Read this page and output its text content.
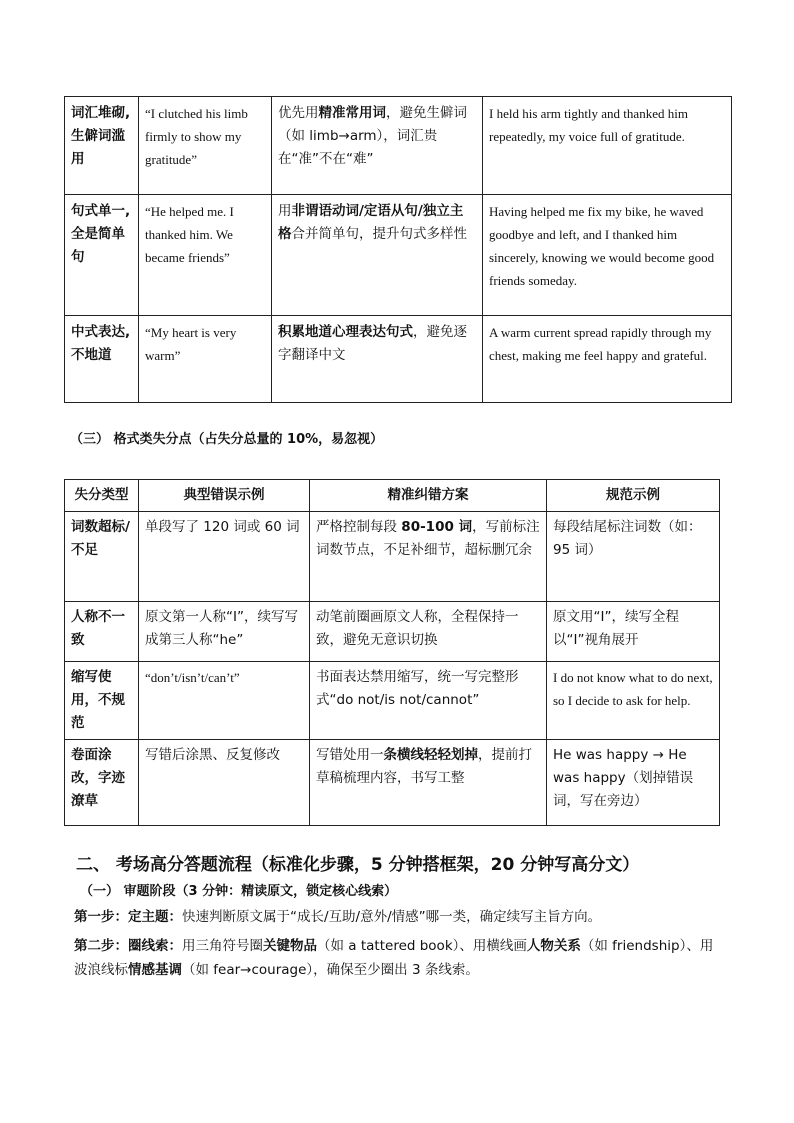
词汇堆砌,生僻词滥用	“I clutched his limb firmly to show my gratitude”	优先用精准常用词，避免生僻词（如 limb→arm），词汇贵在“准”不在“难”	I held his arm tightly and thanked him repeatedly, my voice full of gratitude.
句式单一,全是简单句	“He helped me. I thanked him. We became friends”	用非谓语动词/定语从句/独立主格合并简单句，提升句式多样性	Having helped me fix my bike, he waved goodbye and left, and I thanked him sincerely, knowing we would become good friends someday.
中式表达,不地道	“My heart is very warm”	积累地道心理表达句式，避免逐字翻译中文	A warm current spread rapidly through my chest, making me feel happy and grateful.
（三） 格式类失分点（占失分总量的 10%，易忽视）
失分类型	典型错误示例	精准纠错方案	规范示例
词数超标/不足	单段写了 120 词或 60 词	严格控制每段 80-100 词，写前标注词数节点，不足补细节，超标删冗余	每段结尾标注词数（如：95 词）
人称不一致	原文第一人称“I”，续写写成第三人称“he”	动笔前圈画原文人称，全程保持一致，避免无意识切换	原文用“I”，续写全程以“I”视角展开
缩写使用，不规范	“don’t/isn’t/can’t”	书面表达禁用缩写，统一写完整形式“do not/is not/cannot”	I do not know what to do next, so I decide to ask for help.
卷面涂改，字迹潦草	写错后涂黑、反复修改	写错处用一条横线轻轻划掉，提前打草稿梳理内容，书写工整	He was happy → He was happy（划掉错误词，写在旁边）
二、 考场高分答题流程（标准化步骤，5 分钟搭框架，20 分钟写高分文）
（一） 审题阶段（3 分钟：精读原文，锁定核心线索）
第一步：定主题：快速判断原文属于“成长/互助/意外/情感”哪一类，确定续写主旨方向。
第二步：圈线索：用三角符号圈关键物品（如 a tattered book）、用横线画人物关系（如 friendship）、用波浪线标情感基调（如 fear→courage），确保至少圈出 3 条线索。
